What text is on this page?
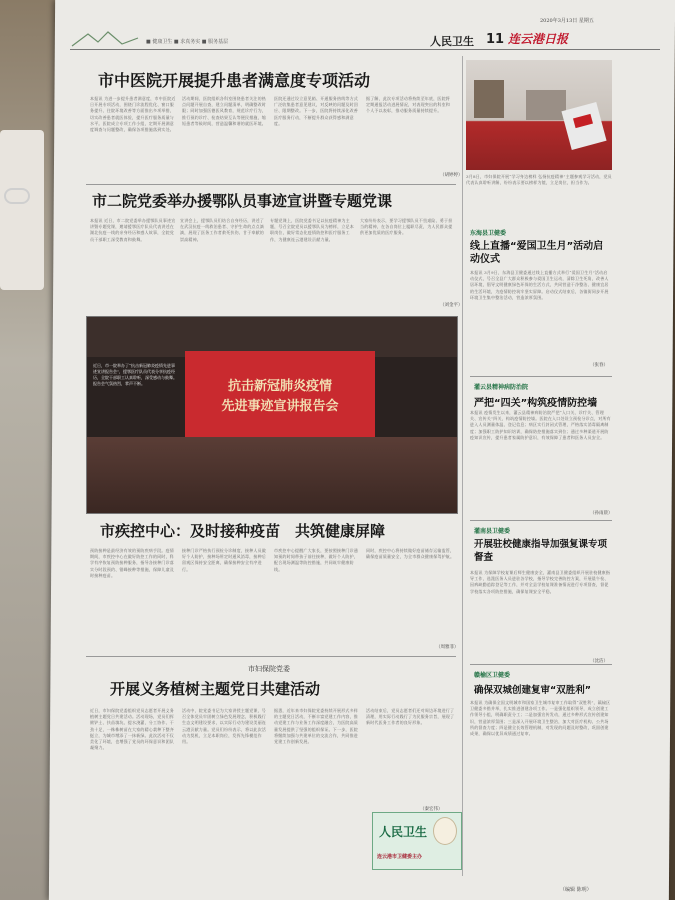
■ 健康卫生 ■ 求真务实 ■ 服务基层
2020年3月13日 星期五
人民卫生 11 连云港日报
市中医院开展提升患者满意度专项活动
本报讯 为进一步提升患者满意度，市中医院近日开展专项活动，围绕门诊流程优化、窗口服务提升、住院环境改善等方面推出多项举措，切实改善患者就医体验，提升医疗服务质量与水平。医院成立专项工作小组，定期开展满意度调查与问题整改，确保各项措施落到实处。
活动期间，医院组织各科室围绕患者关注的热点问题开展自查，建立问题清单，明确整改时限；同时加强医德医风教育，规范诊疗行为，推行预约诊疗、检查结果互认等便民措施，缩短患者等候时间，营造温馨和谐的就医环境。
医院还通过设立意见箱、开通服务热线等方式广泛收集患者意见建议，对反映的问题及时回应、限期整改。下一步，医院将持续深化改善医疗服务行动，不断提升群众获得感和满意度。
据了解，此次专项活动将持续至年底，医院将定期通报活动进展情况，对表现突出的科室和个人予以表彰，推动服务质量持续提升。
3月8日，市妇保院开展“学习身边榜样 弘扬抗疫精神”主题参观学习活动，党员代表认真聆听讲解，纷纷表示要以榜样为镜，立足岗位，担当作为。
市二院党委举办援鄂队员事迹宣讲暨专题党课
本报讯 近日，市二院党委举办援鄂队员事迹宣讲暨专题党课，邀请援鄂医疗队员代表讲述在湖北抗疫一线的亲身经历和感人故事，全院党员干部职工深受教育和鼓舞。
宣讲会上，援鄂队员们结合自身经历，讲述了在武汉抗疫一线救治患者、守护生命的点点滴滴，展现了医务工作者救死扶伤、甘于奉献的崇高精神。
专题党课上，医院党委书记以抗疫精神为主题，号召全院党员以援鄂队员为榜样，立足本职岗位，做好常态化疫情防控和医疗服务工作，为健康连云港建设贡献力量。
大家纷纷表示，要学习援鄂队员不畏艰险、勇于担当的精神，在各自岗位上履职尽责，为人民群众提供更加优质的医疗服务。	东海县卫健委
线上直播“爱国卫生月”活动启动仪式
本报讯 3月9日，东海县卫健委通过线上直播方式举行“爱国卫生月”活动启动仪式，号召全县广大群众积极参与爱国卫生运动，清除卫生死角，改善人居环境，倡导文明健康绿色环保的生活方式，共同营造干净整洁、健康宜居的生活环境，为疫情防控筑牢坚实屏障。启动仪式结束后，各镇街同步开展环境卫生集中整治活动，营造浓厚氛围。
抗击新冠肺炎疫情
先进事迹宣讲报告会
近日，市一院举办了“抗击新冠肺炎疫情先进事迹宣讲报告会”，援鄂医疗队员代表分享抗疫经历，全院干部职工认真聆听，深受感动与鼓舞。报告会气氛热烈，掌声不断。
灌云县精神病防治院
严把“四关”构筑疫情防控墙
本报讯 疫情发生以来，灌云县精神病防治院严把“入口关、诊疗关、管理关、宣传关”四关，构筑疫情防控墙。医院在入口处设立预检分诊点，对所有进入人员测量体温、登记信息；病区实行封闭式管理，严格落实消毒隔离制度；加强职工防护知识培训，确保防控措施落实到位；通过多种渠道开展防疫知识宣传，提升患者家属防护意识，有效保障了患者和医务人员安全。
市疾控中心：及时接种疫苗　共筑健康屏障
预防接种是最经济有效的预防疾病手段。疫情期间，市疾控中心在做好防控工作的同时，科学有序恢复预防接种服务，指导各接种门诊落实分时段预约、错峰接种等措施，保障儿童及时接种疫苗。
接种门诊严格执行预检分诊制度，接种人员做好个人防护，接种场所定时通风消毒，接种后留观区保持安全距离，确保接种安全有序进行。
市疾控中心提醒广大家长，要按照接种门诊通知预约时间带孩子前往接种，做好个人防护，配合现场测温等防控措施，共同筑牢健康防线。
同时，疾控中心将持续做好疫苗储存运输监管，确保疫苗质量安全，为全市群众健康保驾护航。
灌南县卫健委
开展驻校健康指导加强复课专项督查
本报讯 为保障学校复课后师生健康安全，灌南县卫健委组织开展驻校健康指导工作，选派医务人员进驻各学校，指导学校完善防控方案，开展晨午检、因病缺勤追踪登记等工作，并对全县学校复课准备情况进行专项督查，督促学校落实各项防控措施，确保复课安全平稳。
市妇保院党委
开展义务植树主题党日共建活动
近日，市妇保院党委组织党员志愿者开展义务植树主题党日共建活动。活动现场，党员们挥锹铲土、扶苗填坑、提水浇灌，分工协作、干劲十足，一株株树苗在大家的精心栽种下整齐挺立，为城市增添了一抹新绿。此次活动不仅美化了环境，也增强了党员的环保意识和团队凝聚力。
活动中，院党委书记为大家讲授主题党课，号召全体党员牢固树立绿色发展理念，积极践行生态文明建设要求，以实际行动为建设美丽连云港贡献力量。党员们纷纷表示，将以此次活动为契机，立足本职岗位，发挥先锋模范作用。
据悉，近年来市妇保院党委持续开展形式多样的主题党日活动，不断丰富党建工作内容，推动党建工作与业务工作深度融合，为医院高质量发展提供了坚强的组织保证。下一步，医院将继续加强与共建单位的交流合作，共同推进党建工作创新发展。
活动结束后，党员志愿者们还对周边环境进行了清理，用实际行动践行了为民服务宗旨，展现了新时代医务工作者的良好形象。
人民卫生
连云港市卫健委主办
赣榆区卫健委
确保双城创建复审“双胜利”
本报讯 为确保全国文明城市和国家卫生城市复审工作取得“双胜利”，赣榆区卫健委多措并举，扎实推进创建各项工作。一是强化组织领导，成立创建工作领导小组，明确职责分工；二是加强宣传发动，通过多种形式宣传创建知识，营造浓厚氛围；三是深入开展环境卫生整治，加大对医疗机构、公共场所的督查力度；四是健全长效管理机制，对发现的问题及时整改，巩固创建成果，确保以优异成绩通过复审。
（编辑 陈明）
（胡婷婷）
（刘金平）
（周雅菲）
（秦宏伟）
（张春）
（孙雨晨）
（沈洁）
